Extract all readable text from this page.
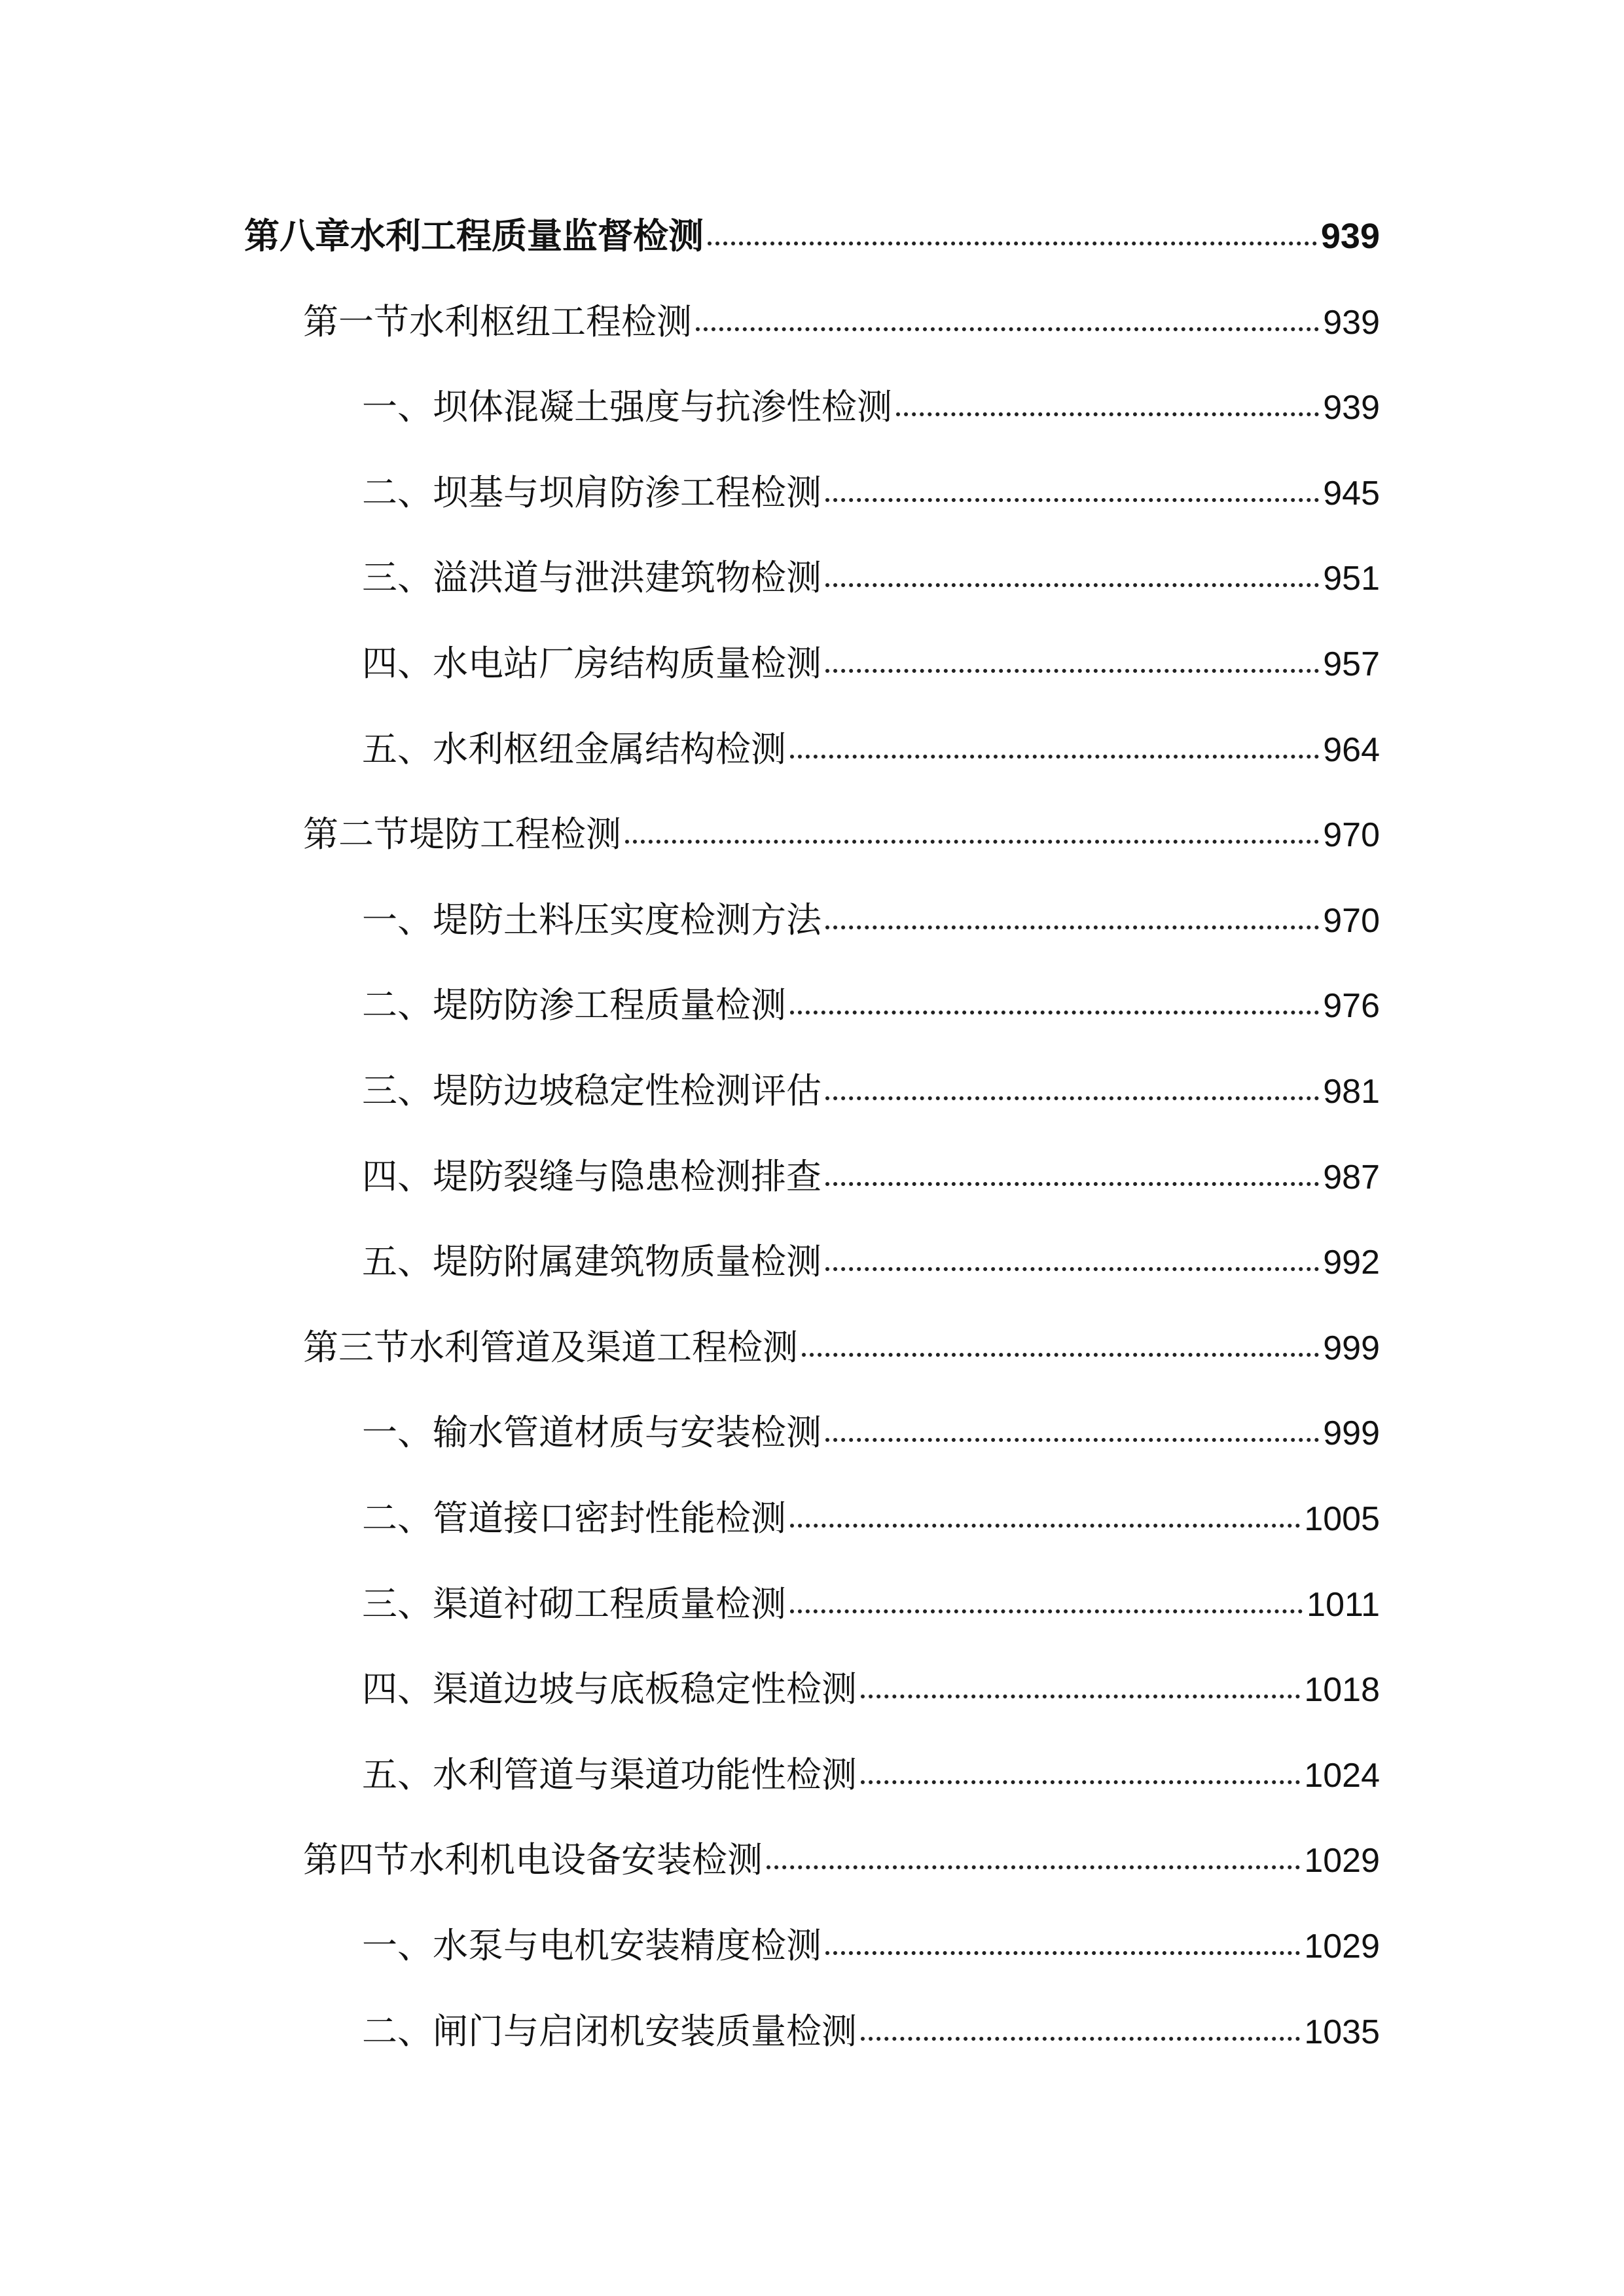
第八章水利工程质量监督检测	939
第一节水利枢纽工程检测	939
一、坝体混凝土强度与抗渗性检测	939
二、坝基与坝肩防渗工程检测	945
三、溢洪道与泄洪建筑物检测	951
四、水电站厂房结构质量检测	957
五、水利枢纽金属结构检测	964
第二节堤防工程检测	970
一、堤防土料压实度检测方法	970
二、堤防防渗工程质量检测	976
三、堤防边坡稳定性检测评估	981
四、堤防裂缝与隐患检测排查	987
五、堤防附属建筑物质量检测	992
第三节水利管道及渠道工程检测	999
一、输水管道材质与安装检测	999
二、管道接口密封性能检测	1005
三、渠道衬砌工程质量检测	1011
四、渠道边坡与底板稳定性检测	1018
五、水利管道与渠道功能性检测	1024
第四节水利机电设备安装检测	1029
一、水泵与电机安装精度检测	1029
二、闸门与启闭机安装质量检测	1035
